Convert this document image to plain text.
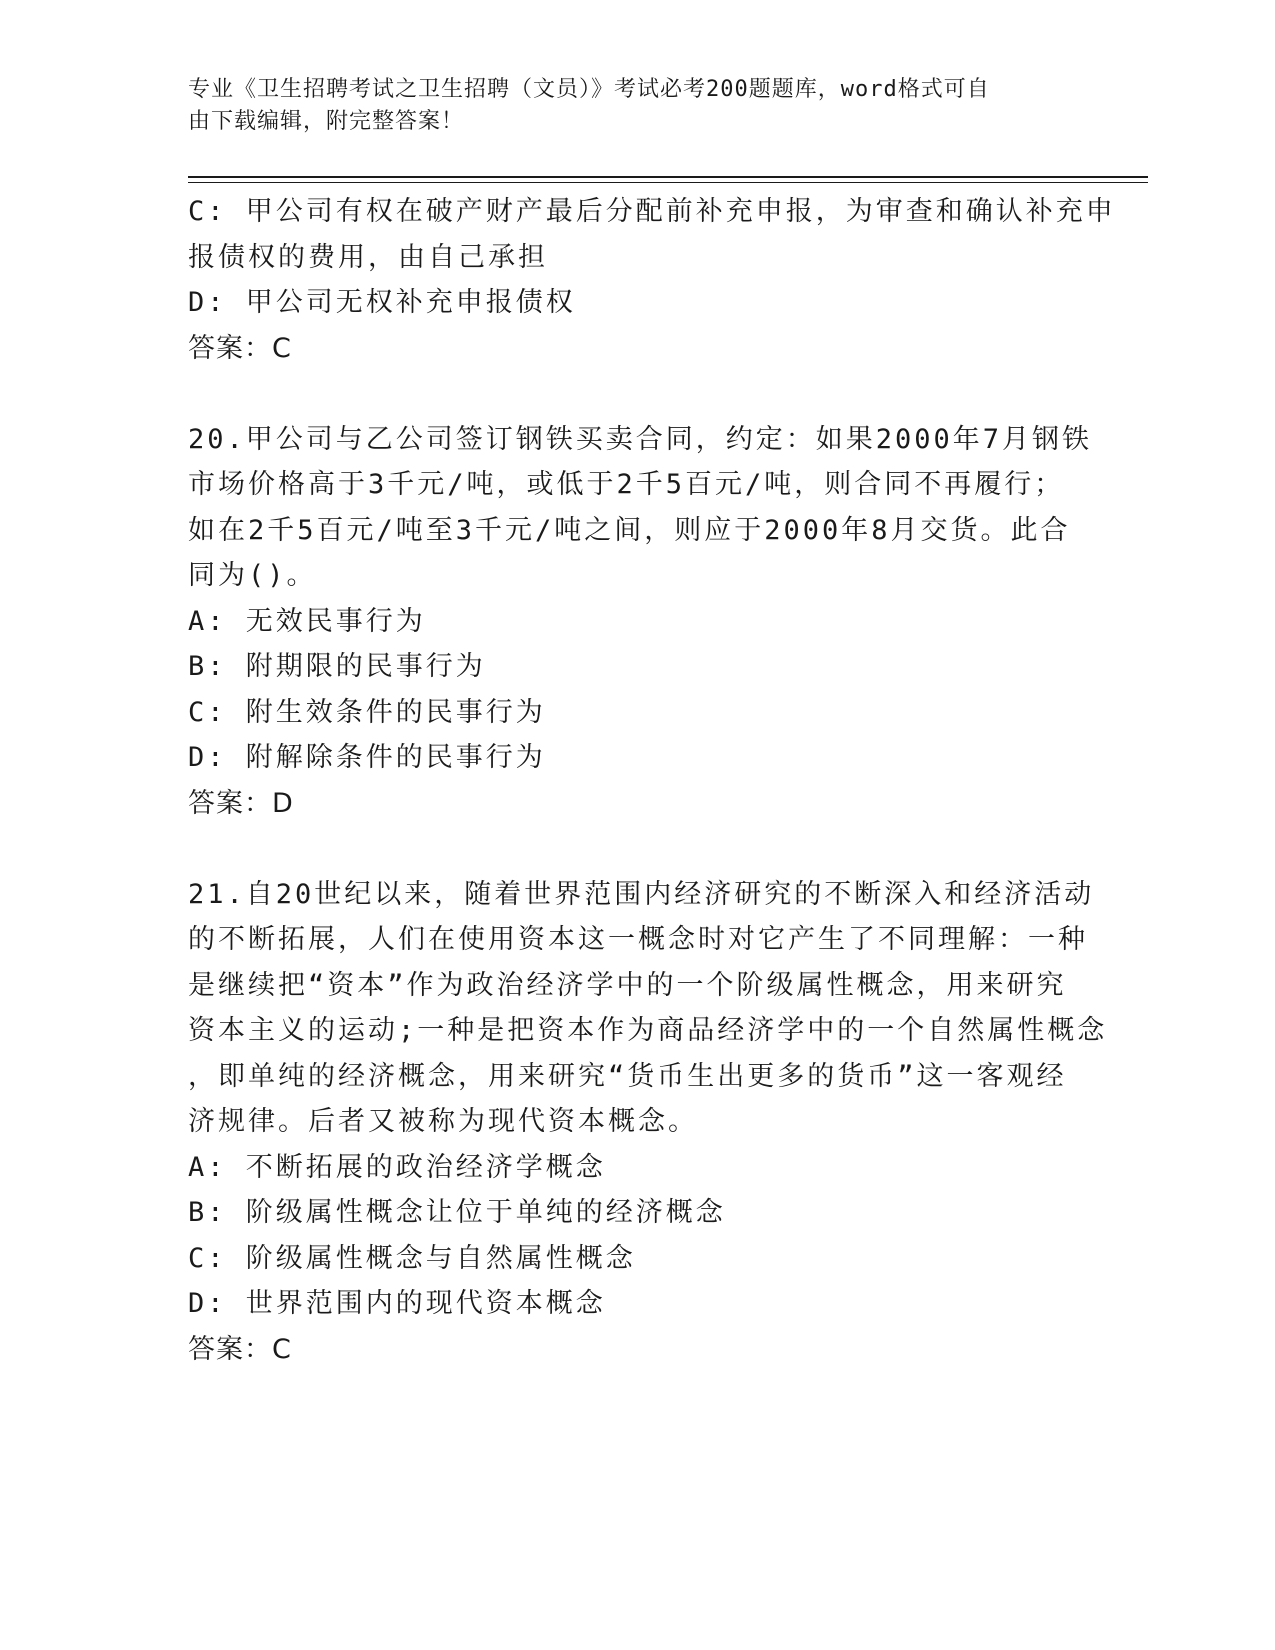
专业《卫生招聘考试之卫生招聘（文员）》考试必考200题题库，word格式可自
由下载编辑，附完整答案！
C: 甲公司有权在破产财产最后分配前补充申报，为审查和确认补充申
报债权的费用，由自己承担
D: 甲公司无权补充申报债权
答案：C
20.甲公司与乙公司签订钢铁买卖合同，约定：如果2000年7月钢铁
市场价格高于3千元/吨，或低于2千5百元/吨，则合同不再履行；
如在2千5百元/吨至3千元/吨之间，则应于2000年8月交货。此合
同为()。
A: 无效民事行为
B: 附期限的民事行为
C: 附生效条件的民事行为
D: 附解除条件的民事行为
答案：D
21.自20世纪以来，随着世界范围内经济研究的不断深入和经济活动
的不断拓展，人们在使用资本这一概念时对它产生了不同理解：一种
是继续把“资本”作为政治经济学中的一个阶级属性概念，用来研究
资本主义的运动;一种是把资本作为商品经济学中的一个自然属性概念
，即单纯的经济概念，用来研究“货币生出更多的货币”这一客观经
济规律。后者又被称为现代资本概念。
A: 不断拓展的政治经济学概念
B: 阶级属性概念让位于单纯的经济概念
C: 阶级属性概念与自然属性概念
D: 世界范围内的现代资本概念
答案：C
